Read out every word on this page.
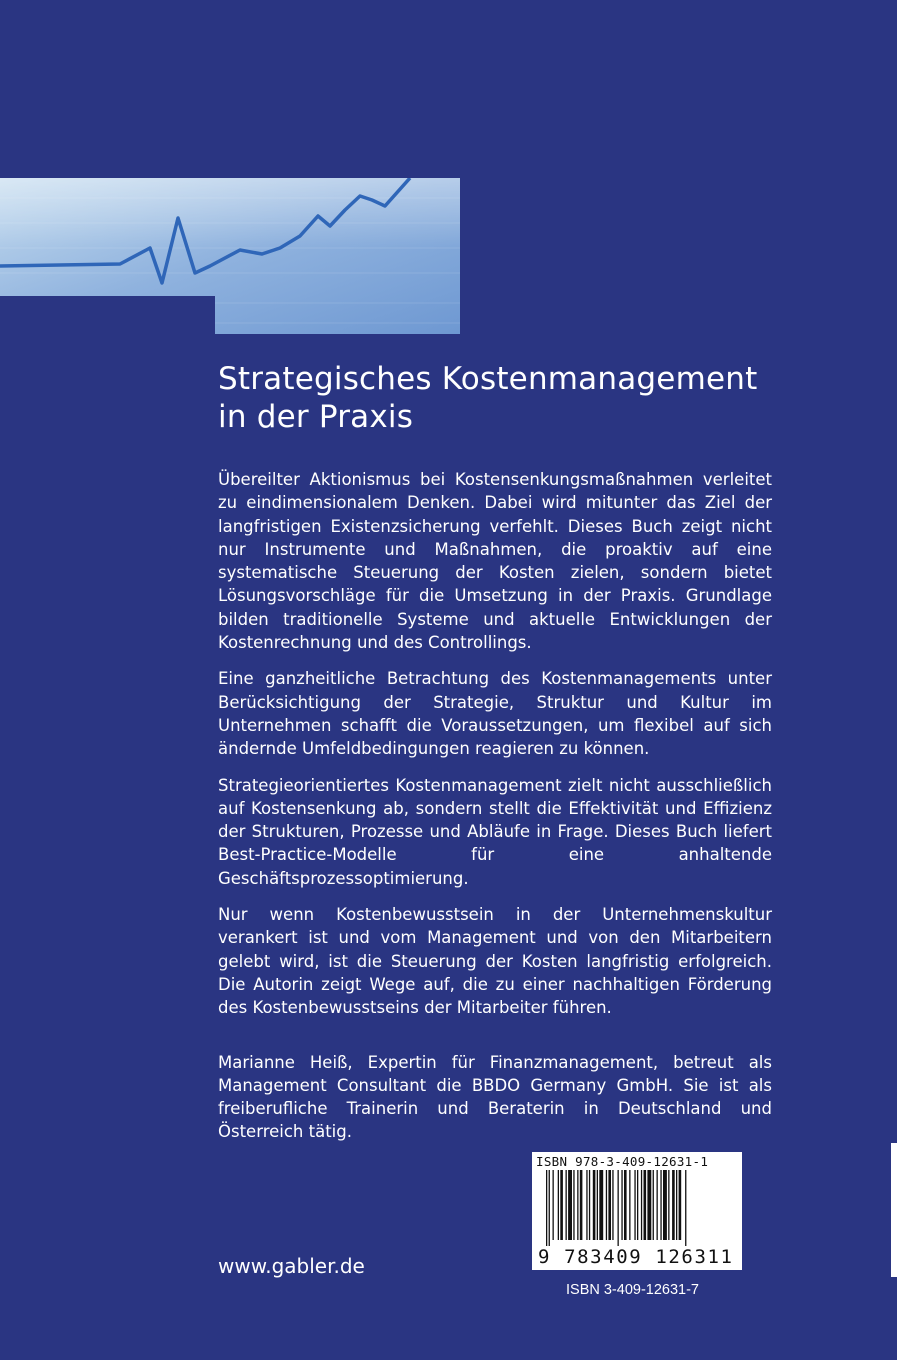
Strategisches Kostenmanagement
in der Praxis

Übereilter Aktionismus bei Kostensenkungsmaßnahmen verleitet zu eindimensionalem Denken. Dabei wird mitunter das Ziel der langfristigen Existenzsicherung verfehlt. Dieses Buch zeigt nicht nur Instrumente und Maßnahmen, die proaktiv auf eine systematische Steuerung der Kosten zielen, sondern bietet Lösungsvorschläge für die Umsetzung in der Praxis. Grundlage bilden traditionelle Systeme und aktuelle Entwicklungen der Kostenrechnung und des Controllings.

Eine ganzheitliche Betrachtung des Kostenmanagements unter Berücksichtigung der Strategie, Struktur und Kultur im Unternehmen schafft die Voraussetzungen, um flexibel auf sich ändernde Umfeldbedingungen reagieren zu können.

Strategieorientiertes Kostenmanagement zielt nicht ausschließlich auf Kostensenkung ab, sondern stellt die Effektivität und Effizienz der Strukturen, Prozesse und Abläufe in Frage. Dieses Buch liefert Best-Practice-Modelle für eine anhaltende Geschäftsprozessoptimierung.

Nur wenn Kostenbewusstsein in der Unternehmenskultur verankert ist und vom Management und von den Mitarbeitern gelebt wird, ist die Steuerung der Kosten langfristig erfolgreich. Die Autorin zeigt Wege auf, die zu einer nachhaltigen Förderung des Kostenbewusstseins der Mitarbeiter führen.

Marianne Heiß, Expertin für Finanzmanagement, betreut als Management Consultant die BBDO Germany GmbH. Sie ist als freiberufliche Trainerin und Beraterin in Deutschland und Österreich tätig.

ISBN 978-3-409-12631-1
9 783409 126311
ISBN 3-409-12631-7
www.gabler.de
